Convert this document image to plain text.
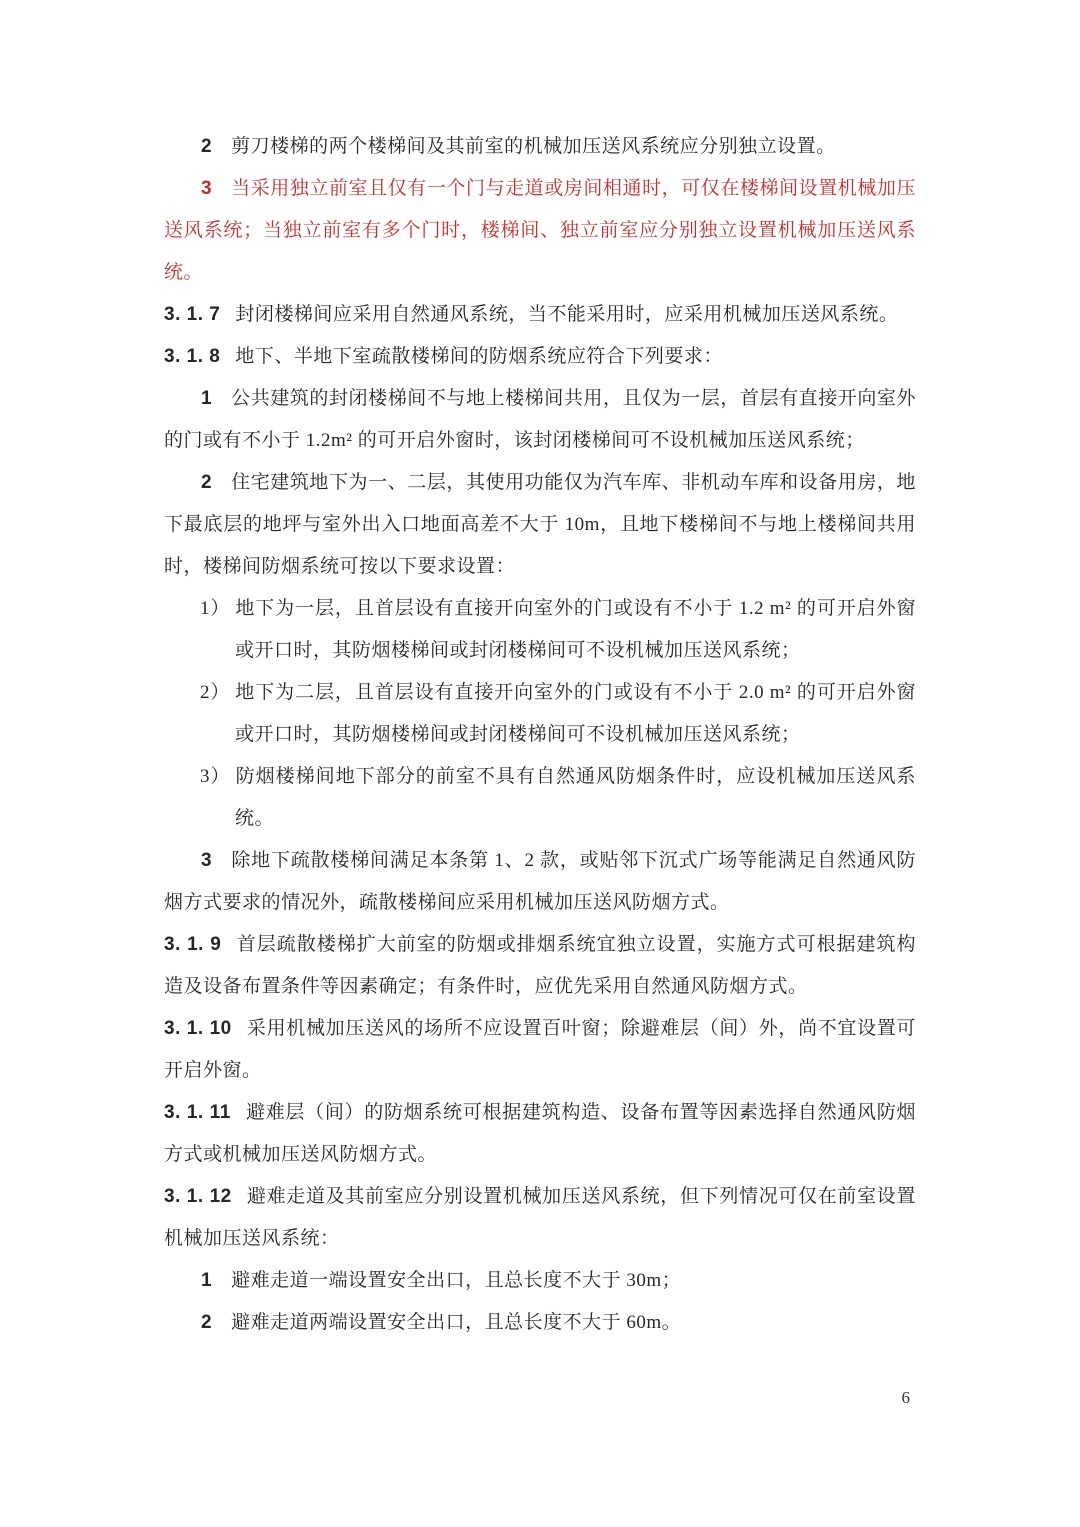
2 剪刀楼梯的两个楼梯间及其前室的机械加压送风系统应分别独立设置。

3 当采用独立前室且仅有一个门与走道或房间相通时，可仅在楼梯间设置机械加压送风系统；当独立前室有多个门时，楼梯间、独立前室应分别独立设置机械加压送风系统。

3. 1. 7 封闭楼梯间应采用自然通风系统，当不能采用时，应采用机械加压送风系统。

3. 1. 8 地下、半地下室疏散楼梯间的防烟系统应符合下列要求：

1 公共建筑的封闭楼梯间不与地上楼梯间共用，且仅为一层，首层有直接开向室外的门或有不小于 1.2m² 的可开启外窗时，该封闭楼梯间可不设机械加压送风系统；

2 住宅建筑地下为一、二层，其使用功能仅为汽车库、非机动车库和设备用房，地下最底层的地坪与室外出入口地面高差不大于 10m，且地下楼梯间不与地上楼梯间共用时，楼梯间防烟系统可按以下要求设置：

1） 地下为一层，且首层设有直接开向室外的门或设有不小于 1.2 m² 的可开启外窗或开口时，其防烟楼梯间或封闭楼梯间可不设机械加压送风系统；

2） 地下为二层，且首层设有直接开向室外的门或设有不小于 2.0 m² 的可开启外窗或开口时，其防烟楼梯间或封闭楼梯间可不设机械加压送风系统；

3） 防烟楼梯间地下部分的前室不具有自然通风防烟条件时，应设机械加压送风系统。

3 除地下疏散楼梯间满足本条第 1、2 款，或贴邻下沉式广场等能满足自然通风防烟方式要求的情况外，疏散楼梯间应采用机械加压送风防烟方式。

3. 1. 9 首层疏散楼梯扩大前室的防烟或排烟系统宜独立设置，实施方式可根据建筑构造及设备布置条件等因素确定；有条件时，应优先采用自然通风防烟方式。

3. 1. 10 采用机械加压送风的场所不应设置百叶窗；除避难层（间）外，尚不宜设置可开启外窗。

3. 1. 11 避难层（间）的防烟系统可根据建筑构造、设备布置等因素选择自然通风防烟方式或机械加压送风防烟方式。

3. 1. 12 避难走道及其前室应分别设置机械加压送风系统，但下列情况可仅在前室设置机械加压送风系统：

1 避难走道一端设置安全出口，且总长度不大于 30m；

2 避难走道两端设置安全出口，且总长度不大于 60m。

6
